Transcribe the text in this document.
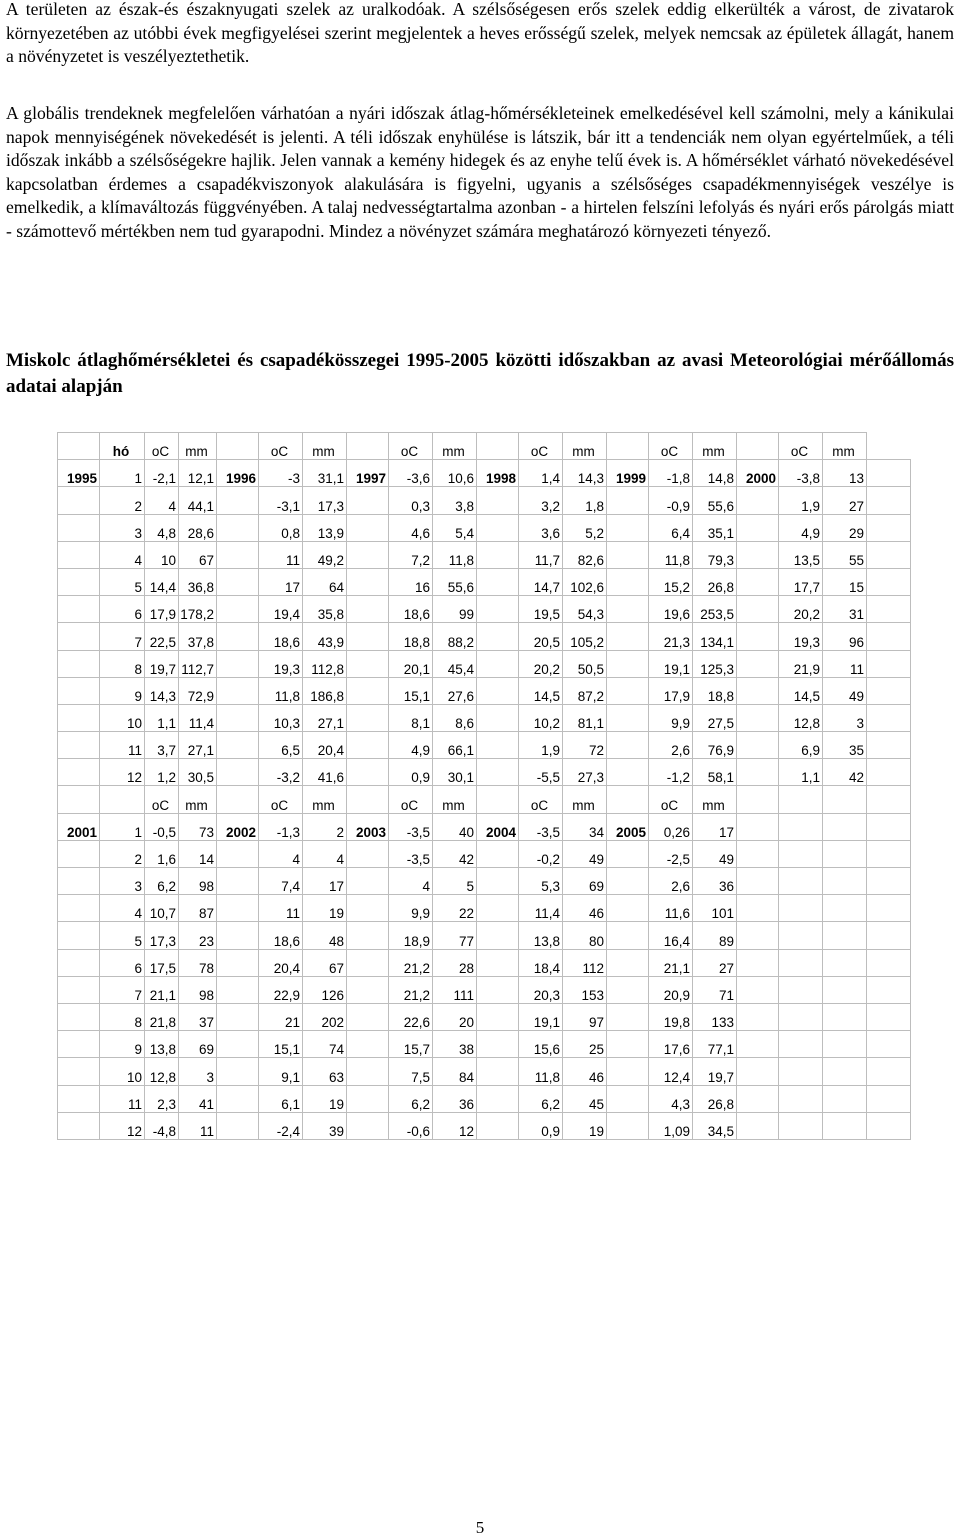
A területen az észak-és északnyugati szelek az uralkodóak. A szélsőségesen erős szelek eddig elkerülték a várost, de zivatarok környezetében az utóbbi évek megfigyelései szerint megjelentek a heves erősségű szelek, melyek nemcsak az épületek állagát, hanem a növényzetet is veszélyeztethetik.
A globális trendeknek megfelelően várhatóan a nyári időszak átlag-hőmérsékleteinek emelkedésével kell számolni, mely a kánikulai napok mennyiségének növekedését is jelenti. A téli időszak enyhülése is látszik, bár itt a tendenciák nem olyan egyértelműek, a téli időszak inkább a szélsőségekre hajlik. Jelen vannak a kemény hidegek és az enyhe telű évek is. A hőmérséklet várható növekedésével kapcsolatban érdemes a csapadékviszonyok alakulására is figyelni, ugyanis a szélsőséges csapadékmennyiségek veszélye is emelkedik, a klímaváltozás függvényében. A talaj nedvességtartalma azonban - a hirtelen felszíni lefolyás és nyári erős párolgás miatt - számottevő mértékben nem tud gyarapodni. Mindez a növényzet számára meghatározó környezeti tényező.
Miskolc átlaghőmérsékletei és csapadékösszegei 1995-2005 közötti időszakban az avasi Meteorológiai mérőállomás adatai alapján
	hó	oC	mm		oC	mm		oC	mm		oC	mm		oC	mm		oC	mm	
1995	1	-2,1	12,1	1996	-3	31,1	1997	-3,6	10,6	1998	1,4	14,3	1999	-1,8	14,8	2000	-3,8	13	
	2	4	44,1		-3,1	17,3		0,3	3,8		3,2	1,8		-0,9	55,6		1,9	27	
	3	4,8	28,6		0,8	13,9		4,6	5,4		3,6	5,2		6,4	35,1		4,9	29	
	4	10	67		11	49,2		7,2	11,8		11,7	82,6		11,8	79,3		13,5	55	
	5	14,4	36,8		17	64		16	55,6		14,7	102,6		15,2	26,8		17,7	15	
	6	17,9	178,2		19,4	35,8		18,6	99		19,5	54,3		19,6	253,5		20,2	31	
	7	22,5	37,8		18,6	43,9		18,8	88,2		20,5	105,2		21,3	134,1		19,3	96	
	8	19,7	112,7		19,3	112,8		20,1	45,4		20,2	50,5		19,1	125,3		21,9	11	
	9	14,3	72,9		11,8	186,8		15,1	27,6		14,5	87,2		17,9	18,8		14,5	49	
	10	1,1	11,4		10,3	27,1		8,1	8,6		10,2	81,1		9,9	27,5		12,8	3	
	11	3,7	27,1		6,5	20,4		4,9	66,1		1,9	72		2,6	76,9		6,9	35	
	12	1,2	30,5		-3,2	41,6		0,9	30,1		-5,5	27,3		-1,2	58,1		1,1	42	
		oC	mm		oC	mm		oC	mm		oC	mm		oC	mm				
2001	1	-0,5	73	2002	-1,3	2	2003	-3,5	40	2004	-3,5	34	2005	0,26	17				
	2	1,6	14		4	4		-3,5	42		-0,2	49		-2,5	49				
	3	6,2	98		7,4	17		4	5		5,3	69		2,6	36				
	4	10,7	87		11	19		9,9	22		11,4	46		11,6	101				
	5	17,3	23		18,6	48		18,9	77		13,8	80		16,4	89				
	6	17,5	78		20,4	67		21,2	28		18,4	112		21,1	27				
	7	21,1	98		22,9	126		21,2	111		20,3	153		20,9	71				
	8	21,8	37		21	202		22,6	20		19,1	97		19,8	133				
	9	13,8	69		15,1	74		15,7	38		15,6	25		17,6	77,1				
	10	12,8	3		9,1	63		7,5	84		11,8	46		12,4	19,7				
	11	2,3	41		6,1	19		6,2	36		6,2	45		4,3	26,8				
	12	-4,8	11		-2,4	39		-0,6	12		0,9	19		1,09	34,5				
5
